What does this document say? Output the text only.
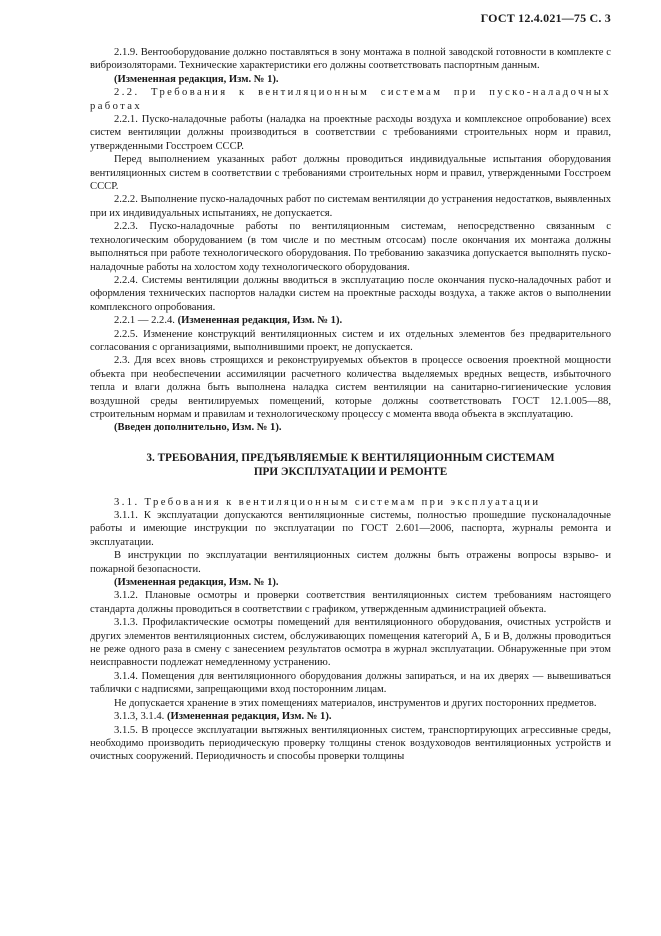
ГОСТ 12.4.021—75 С. 3

2.1.9. Вентооборудование должно поставляться в зону монтажа в полной заводской готовности в комплекте с виброизоляторами. Технические характеристики его должны соответствовать паспортным данным.

(Измененная редакция, Изм. № 1).

2.2. Требования к вентиляционным системам при пуско-наладочных работах

2.2.1. Пуско-наладочные работы (наладка на проектные расходы воздуха и комплексное опробование) всех систем вентиляции должны производиться в соответствии с требованиями строительных норм и правил, утвержденными Госстроем СССР.

Перед выполнением указанных работ должны проводиться индивидуальные испытания оборудования вентиляционных систем в соответствии с требованиями строительных норм и правил, утвержденными Госстроем СССР.

2.2.2. Выполнение пуско-наладочных работ по системам вентиляции до устранения недостатков, выявленных при их индивидуальных испытаниях, не допускается.

2.2.3. Пуско-наладочные работы по вентиляционным системам, непосредственно связанным с технологическим оборудованием (в том числе и по местным отсосам) после окончания их монтажа должны выполняться при работе технологического оборудования. По требованию заказчика допускается выполнять пуско-наладочные работы на холостом ходу технологического оборудования.

2.2.4. Системы вентиляции должны вводиться в эксплуатацию после окончания пуско-наладочных работ и оформления технических паспортов наладки систем на проектные расходы воздуха, а также актов о выполнении комплексного опробования.

2.2.1 — 2.2.4. (Измененная редакция, Изм. № 1).

2.2.5. Изменение конструкций вентиляционных систем и их отдельных элементов без предварительного согласования с организациями, выполнившими проект, не допускается.

2.3. Для всех вновь строящихся и реконструируемых объектов в процессе освоения проектной мощности объекта при необеспечении ассимиляции расчетного количества выделяемых вредных веществ, избыточного тепла и влаги должна быть выполнена наладка систем вентиляции на санитарно-гигиенические условия воздушной среды вентилируемых помещений, которые должны соответствовать ГОСТ 12.1.005—88, строительным нормам и правилам и технологическому процессу с момента ввода объекта в эксплуатацию.

(Введен дополнительно, Изм. № 1).

3. ТРЕБОВАНИЯ, ПРЕДЪЯВЛЯЕМЫЕ К ВЕНТИЛЯЦИОННЫМ СИСТЕМАМ
ПРИ ЭКСПЛУАТАЦИИ И РЕМОНТЕ

3.1. Требования к вентиляционным системам при эксплуатации

3.1.1. К эксплуатации допускаются вентиляционные системы, полностью прошедшие пусконаладочные работы и имеющие инструкции по эксплуатации по ГОСТ 2.601—2006, паспорта, журналы ремонта и эксплуатации.

В инструкции по эксплуатации вентиляционных систем должны быть отражены вопросы взрыво- и пожарной безопасности.

(Измененная редакция, Изм. № 1).

3.1.2. Плановые осмотры и проверки соответствия вентиляционных систем требованиям настоящего стандарта должны проводиться в соответствии с графиком, утвержденным администрацией объекта.

3.1.3. Профилактические осмотры помещений для вентиляционного оборудования, очистных устройств и других элементов вентиляционных систем, обслуживающих помещения категорий А, Б и В, должны проводиться не реже одного раза в смену с занесением результатов осмотра в журнал эксплуатации. Обнаруженные при этом неисправности подлежат немедленному устранению.

3.1.4. Помещения для вентиляционного оборудования должны запираться, и на их дверях — вывешиваться таблички с надписями, запрещающими вход посторонним лицам.

Не допускается хранение в этих помещениях материалов, инструментов и других посторонних предметов.

3.1.3, 3.1.4. (Измененная редакция, Изм. № 1).

3.1.5. В процессе эксплуатации вытяжных вентиляционных систем, транспортирующих агрессивные среды, необходимо производить периодическую проверку толщины стенок воздуховодов вентиляционных устройств и очистных сооружений. Периодичность и способы проверки толщины
